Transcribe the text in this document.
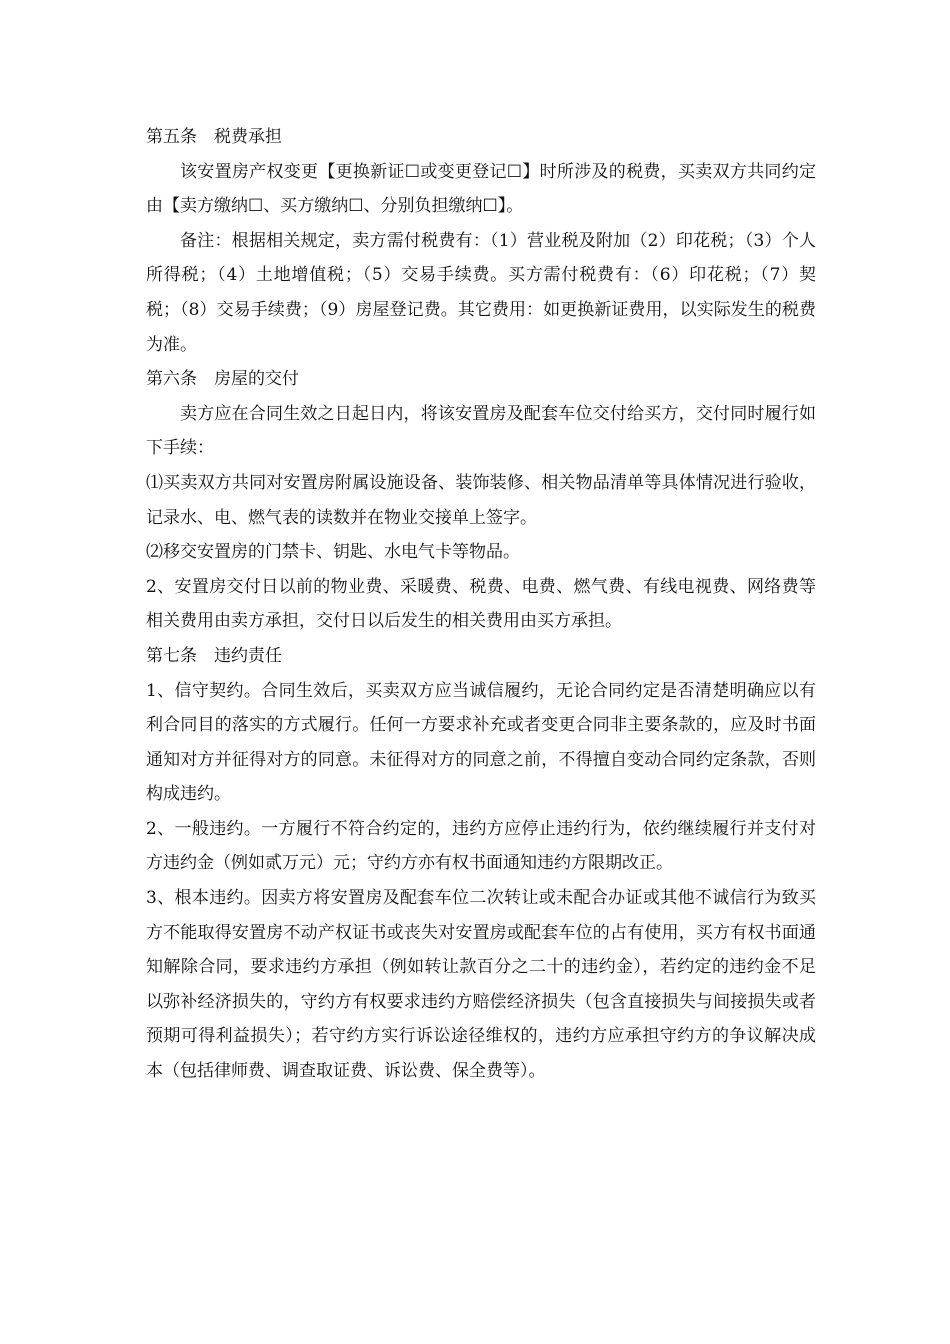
第五条　税费承担

该安置房产权变更【更换新证☐或变更登记☐】时所涉及的税费，买卖双方共同约定由【卖方缴纳☐、买方缴纳☐、分别负担缴纳☐】。

备注：根据相关规定，卖方需付税费有：（1）营业税及附加（2）印花税；（3）个人所得税；（4）土地增值税；（5）交易手续费。买方需付税费有：（6）印花税；（7）契税；（8）交易手续费；（9）房屋登记费。其它费用：如更换新证费用，以实际发生的税费为准。

第六条　房屋的交付

卖方应在合同生效之日起日内，将该安置房及配套车位交付给买方，交付同时履行如下手续：

⑴买卖双方共同对安置房附属设施设备、装饰装修、相关物品清单等具体情况进行验收，记录水、电、燃气表的读数并在物业交接单上签字。

⑵移交安置房的门禁卡、钥匙、水电气卡等物品。

2、安置房交付日以前的物业费、采暖费、税费、电费、燃气费、有线电视费、网络费等相关费用由卖方承担，交付日以后发生的相关费用由买方承担。

第七条　违约责任

1、信守契约。合同生效后，买卖双方应当诚信履约，无论合同约定是否清楚明确应以有利合同目的落实的方式履行。任何一方要求补充或者变更合同非主要条款的，应及时书面通知对方并征得对方的同意。未征得对方的同意之前，不得擅自变动合同约定条款，否则构成违约。

2、一般违约。一方履行不符合约定的，违约方应停止违约行为，依约继续履行并支付对方违约金（例如贰万元）元；守约方亦有权书面通知违约方限期改正。

3、根本违约。因卖方将安置房及配套车位二次转让或未配合办证或其他不诚信行为致买方不能取得安置房不动产权证书或丧失对安置房或配套车位的占有使用，买方有权书面通知解除合同，要求违约方承担（例如转让款百分之二十的违约金），若约定的违约金不足以弥补经济损失的，守约方有权要求违约方赔偿经济损失（包含直接损失与间接损失或者预期可得利益损失）；若守约方实行诉讼途径维权的，违约方应承担守约方的争议解决成本（包括律师费、调查取证费、诉讼费、保全费等）。
